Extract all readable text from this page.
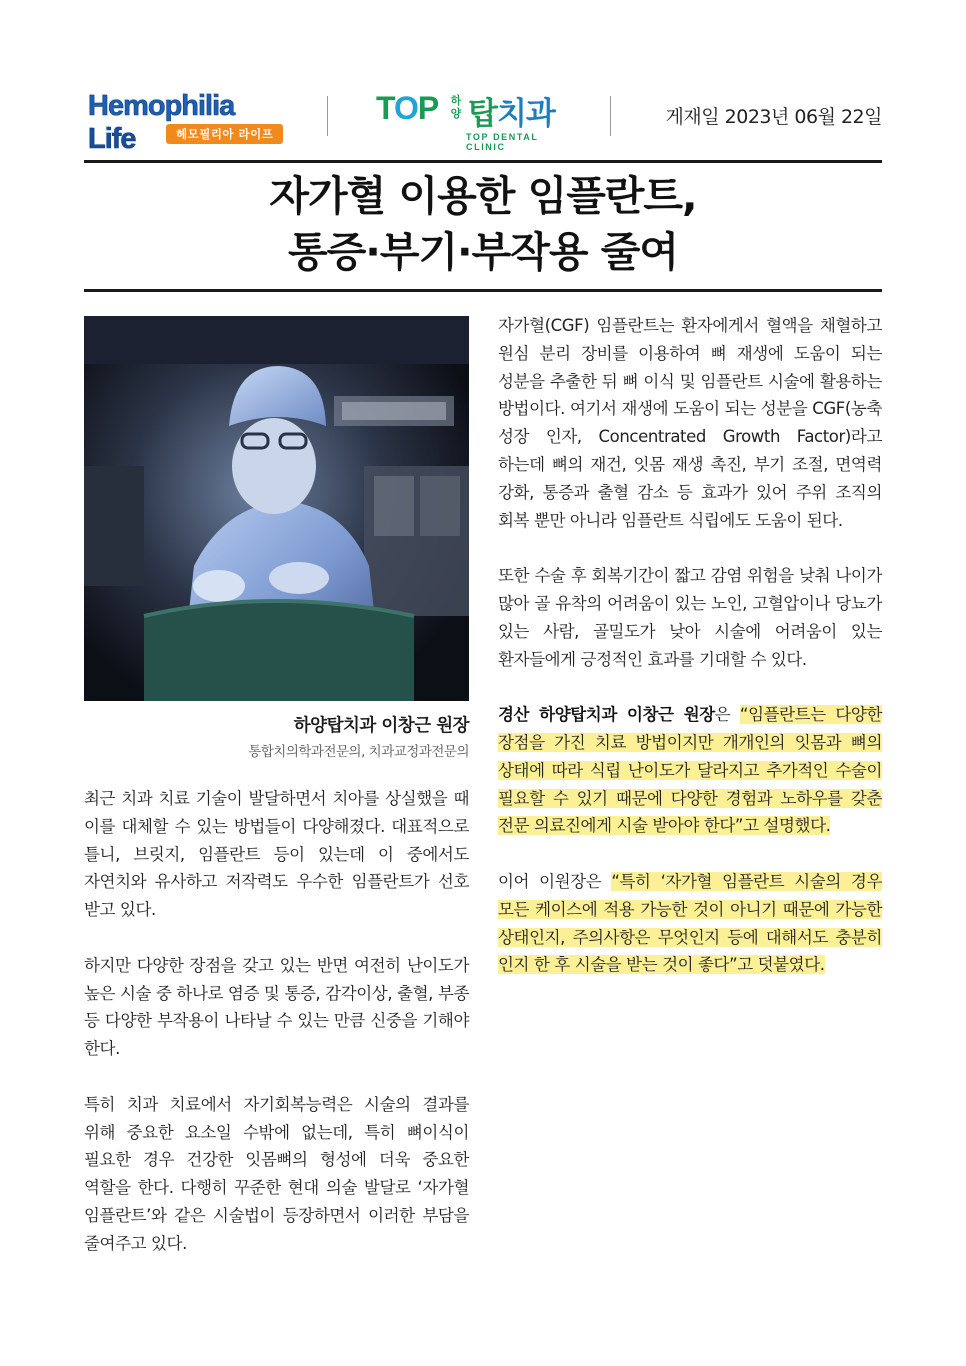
Hemophilia Life	헤모필리아 라이프
TOP 하
양 탑치과
TOP DENTAL CLINIC
게재일 2023년 06월 22일
자가혈 이용한 임플란트,
통증·부기·부작용 줄여
하양탑치과 이창근 원장
통합치의학과전문의, 치과교정과전문의

최근 치과 치료 기술이 발달하면서 치아를 상실했을 때 이를 대체할 수 있는 방법들이 다양해졌다. 대표적으로 틀니, 브릿지, 임플란트 등이 있는데 이 중에서도 자연치와 유사하고 저작력도 우수한 임플란트가 선호 받고 있다.

하지만 다양한 장점을 갖고 있는 반면 여전히 난이도가 높은 시술 중 하나로 염증 및 통증, 감각이상, 출혈, 부종 등 다양한 부작용이 나타날 수 있는 만큼 신중을 기해야 한다.

특히 치과 치료에서 자기회복능력은 시술의 결과를 위해 중요한 요소일 수밖에 없는데, 특히 뼈이식이 필요한 경우 건강한 잇몸뼈의 형성에 더욱 중요한 역할을 한다. 다행히 꾸준한 현대 의술 발달로 ‘자가혈 임플란트’와 같은 시술법이 등장하면서 이러한 부담을 줄여주고 있다.

자가혈(CGF) 임플란트는 환자에게서 혈액을 채혈하고 원심 분리 장비를 이용하여 뼈 재생에 도움이 되는 성분을 추출한 뒤 뼈 이식 및 임플란트 시술에 활용하는 방법이다. 여기서 재생에 도움이 되는 성분을 CGF(농축 성장 인자, Concentrated Growth Factor)라고 하는데 뼈의 재건, 잇몸 재생 촉진, 부기 조절, 면역력 강화, 통증과 출혈 감소 등 효과가 있어 주위 조직의 회복 뿐만 아니라 임플란트 식립에도 도움이 된다.

또한 수술 후 회복기간이 짧고 감염 위험을 낮춰 나이가 많아 골 유착의 어려움이 있는 노인, 고혈압이나 당뇨가 있는 사람, 골밀도가 낮아 시술에 어려움이 있는 환자들에게 긍정적인 효과를 기대할 수 있다.

경산 하양탑치과 이창근 원장은 “임플란트는 다양한 장점을 가진 치료 방법이지만 개개인의 잇몸과 뼈의 상태에 따라 식립 난이도가 달라지고 추가적인 수술이 필요할 수 있기 때문에 다양한 경험과 노하우를 갖춘 전문 의료진에게 시술 받아야 한다”고 설명했다.

이어 이원장은 “특히 ‘자가혈 임플란트 시술의 경우 모든 케이스에 적용 가능한 것이 아니기 때문에 가능한 상태인지, 주의사항은 무엇인지 등에 대해서도 충분히 인지 한 후 시술을 받는 것이 좋다”고 덧붙였다.
